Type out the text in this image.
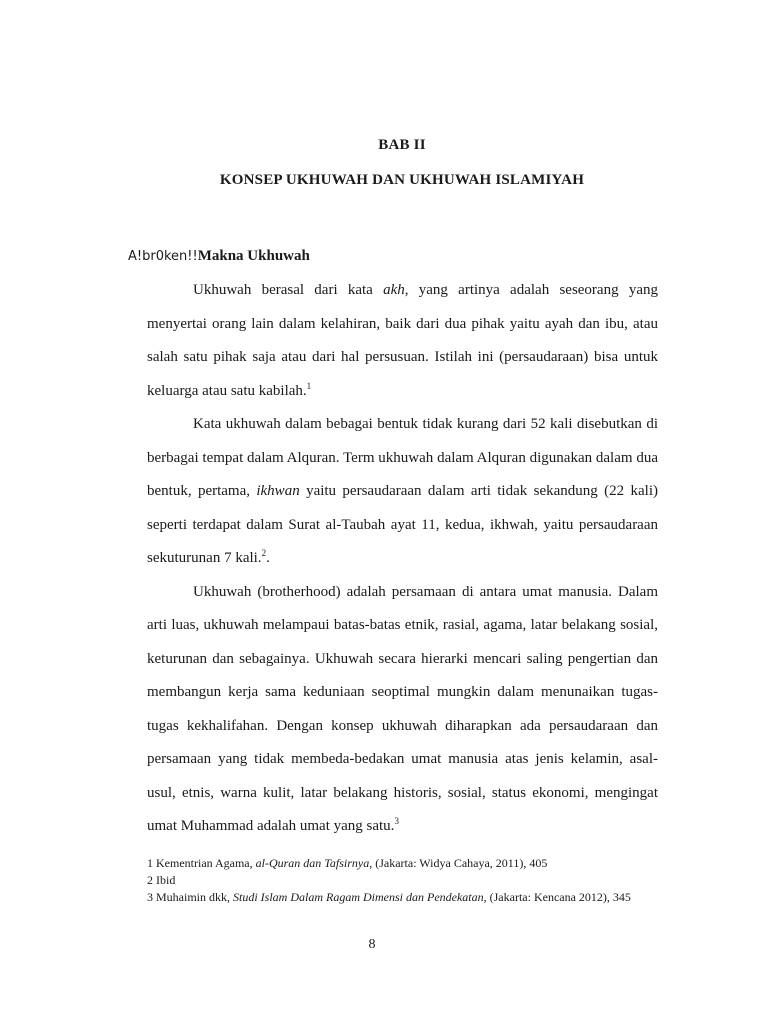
BAB II
KONSEP UKHUWAH DAN UKHUWAH ISLAMIYAH
A!br0ken!!Makna Ukhuwah

Ukhuwah berasal dari kata akh, yang artinya adalah seseorang yang menyertai orang lain dalam kelahiran, baik dari dua pihak yaitu ayah dan ibu, atau salah satu pihak saja atau dari hal persusuan. Istilah ini (persaudaraan) bisa untuk keluarga atau satu kabilah.$^1$

Kata ukhuwah dalam bebagai bentuk tidak kurang dari 52 kali disebutkan di berbagai tempat dalam Alquran. Term ukhuwah dalam Alquran digunakan dalam dua bentuk, pertama, ikhwan yaitu persaudaraan dalam arti tidak sekandung (22 kali) seperti terdapat dalam Surat al-Taubah ayat 11, kedua, ikhwah, yaitu persaudaraan sekuturunan 7 kali.$^2$.

Ukhuwah (brotherhood) adalah persamaan di antara umat manusia. Dalam arti luas, ukhuwah melampaui batas-batas etnik, rasial, agama, latar belakang sosial, keturunan dan sebagainya. Ukhuwah secara hierarki mencari saling pengertian dan membangun kerja sama keduniaan seoptimal mungkin dalam menunaikan tugas-tugas kekhalifahan. Dengan konsep ukhuwah diharapkan ada persaudaraan dan persamaan yang tidak membeda-bedakan umat manusia atas jenis kelamin, asal-usul, etnis, warna kulit, latar belakang historis, sosial, status ekonomi, mengingat umat Muhammad adalah umat yang satu.$^3$

1 Kementrian Agama, al-Quran dan Tafsirnya, (Jakarta: Widya Cahaya, 2011), 405

2 Ibid

3 Muhaimin dkk, Studi Islam Dalam Ragam Dimensi dan Pendekatan, (Jakarta: Kencana 2012), 345

8
